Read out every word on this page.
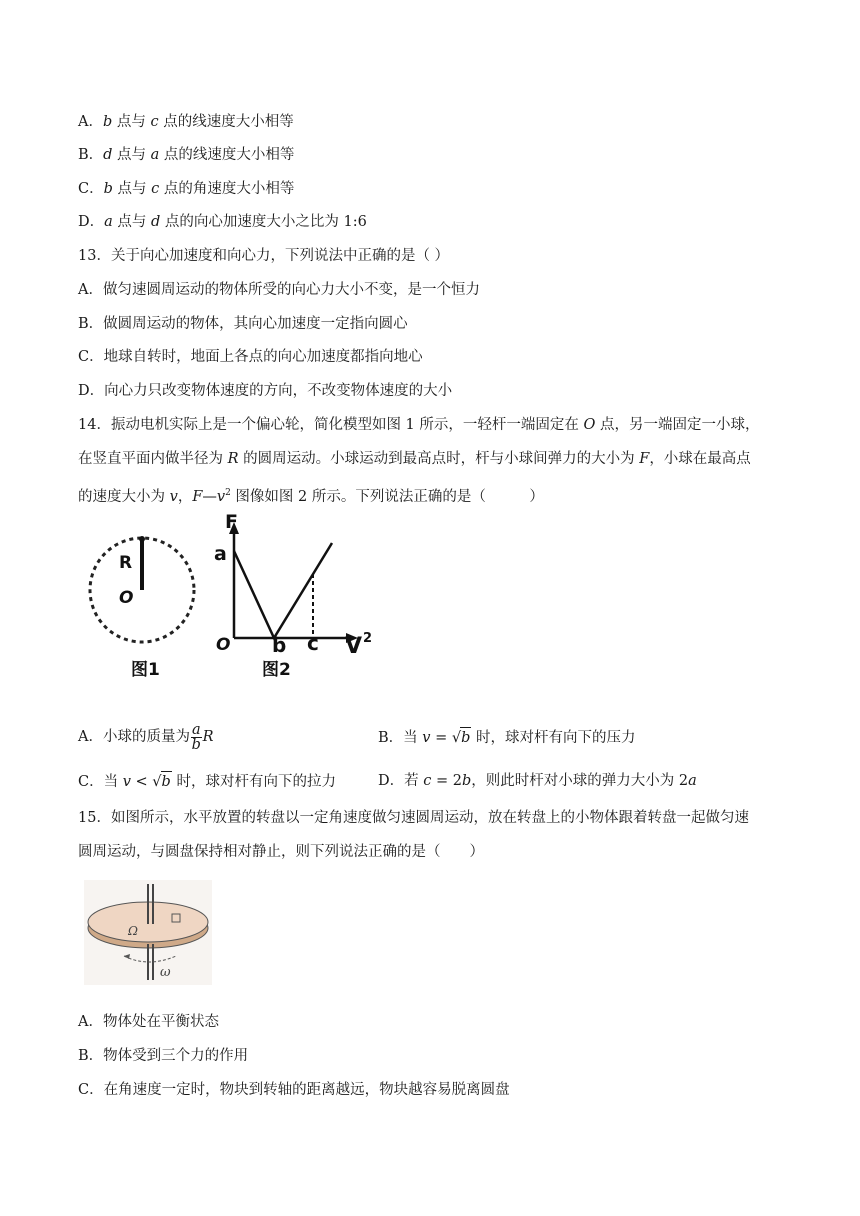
A．b 点与 c 点的线速度大小相等
B．d 点与 a 点的线速度大小相等
C．b 点与 c 点的角速度大小相等
D．a 点与 d 点的向心加速度大小之比为 1:6
13．关于向心加速度和向心力，下列说法中正确的是（ ）
A．做匀速圆周运动的物体所受的向心力大小不变，是一个恒力
B．做圆周运动的物体，其向心加速度一定指向圆心
C．地球自转时，地面上各点的向心加速度都指向地心
D．向心力只改变物体速度的方向，不改变物体速度的大小
14．振动电机实际上是一个偏心轮，简化模型如图 1 所示，一轻杆一端固定在 O 点，另一端固定一小球，
在竖直平面内做半径为 R 的圆周运动。小球运动到最高点时，杆与小球间弹力的大小为 F，小球在最高点
的速度大小为 v，$F—v^2$ 图像如图 2 所示。下列说法正确的是（　　　）
R
O
图1
F
a
O b c V 2
图2
A．小球的质量为 $\frac{a}{b}$ R	B．当 v = √b 时，球对杆有向下的压力
C．当 v < √b 时，球对杆有向下的拉力	D．若 c = 2b，则此时杆对小球的弹力大小为 2a
15．如图所示，水平放置的转盘以一定角速度做匀速圆周运动，放在转盘上的小物体跟着转盘一起做匀速
圆周运动，与圆盘保持相对静止，则下列说法正确的是（　　）
Ω
ω
A．物体处在平衡状态
B．物体受到三个力的作用
C．在角速度一定时，物块到转轴的距离越远，物块越容易脱离圆盘
